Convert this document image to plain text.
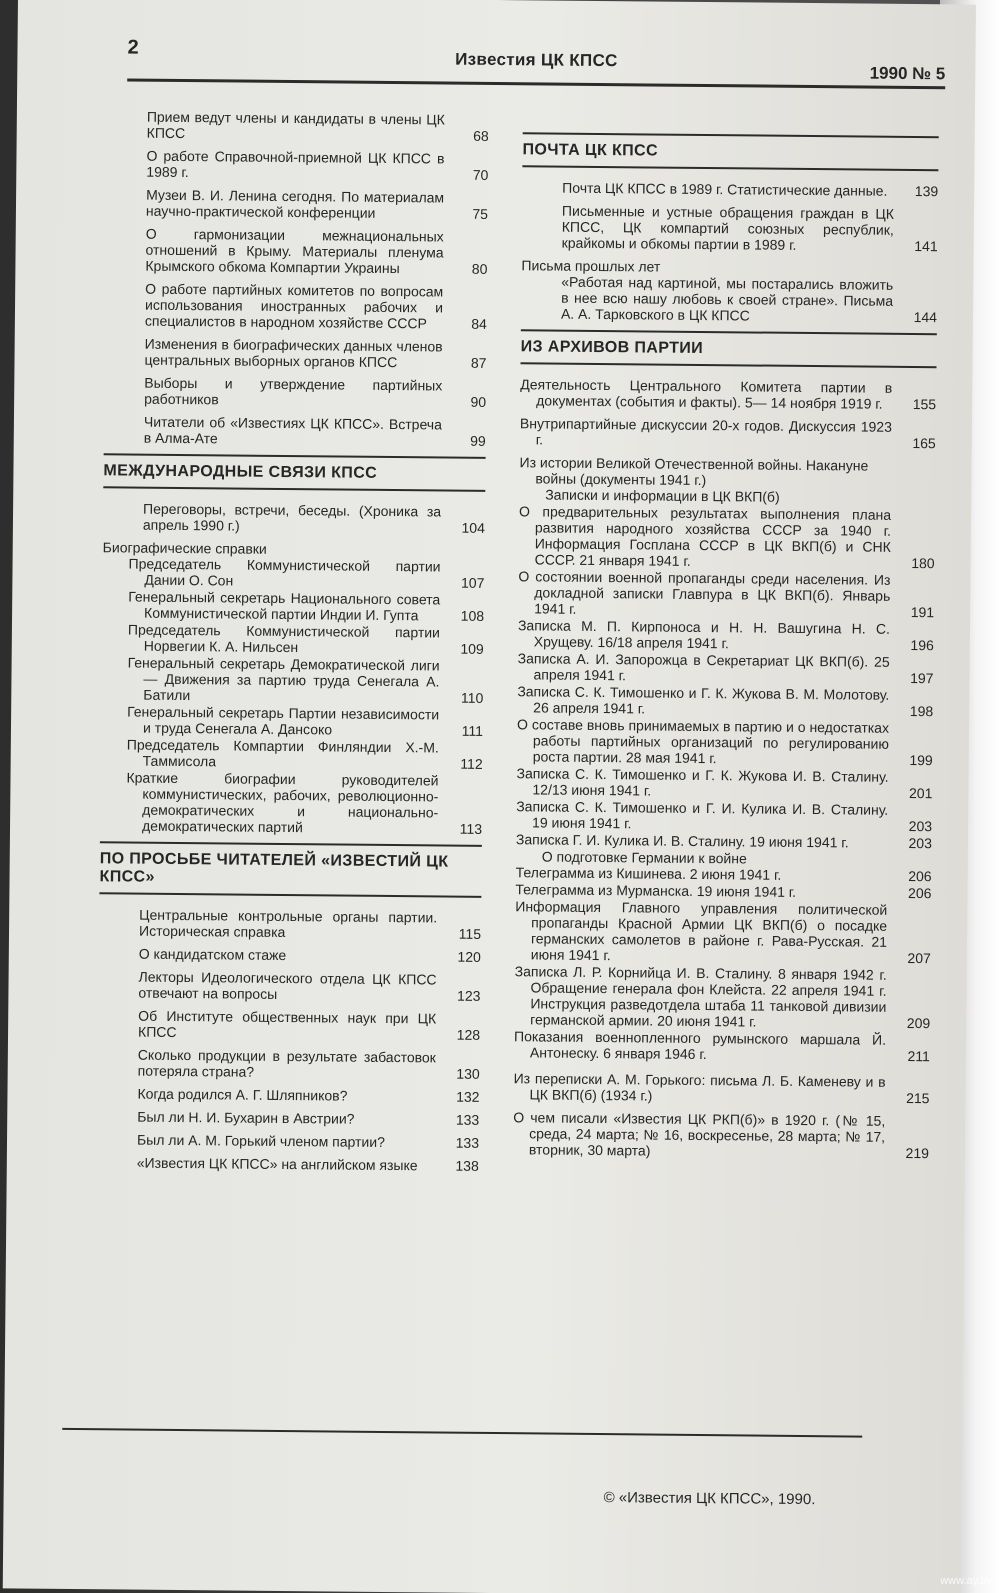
2
Известия ЦК КПСС
1990 № 5
Прием ведут члены и кандидаты в члены ЦК КПСС	68
О работе Справочной-приемной ЦК КПСС в 1989 г.	70
Музеи В. И. Ленина сегодня. По материалам научно-практической конференции	75
О гармонизации межнациональных отношений в Крыму. Материалы пленума Крымского обкома Компартии Украины	80
О работе партийных комитетов по вопросам использования иностранных рабочих и специалистов в народном хозяйстве СССР	84
Изменения в биографических данных членов центральных выборных органов КПСС	87
Выборы и утверждение партийных работников	90
Читатели об «Известиях ЦК КПСС». Встреча в Алма-Ате	99
МЕЖДУНАРОДНЫЕ СВЯЗИ КПСС
Переговоры, встречи, беседы. (Хроника за апрель 1990 г.)	104
Биографические справки
Председатель Коммунистической партии Дании О. Сон	107
Генеральный секретарь Национального совета Коммунистической партии Индии И. Гупта	108
Председатель Коммунистической партии Норвегии К. А. Нильсен	109
Генеральный секретарь Демократической лиги — Движения за партию труда Сенегала А. Батили	110
Генеральный секретарь Партии независимости и труда Сенегала А. Дансоко	111
Председатель Компартии Финляндии Х.-М. Таммисола	112
Краткие биографии руководителей коммунистических, рабочих, революционно-демократических и национально-демократических партий	113
ПО ПРОСЬБЕ ЧИТАТЕЛЕЙ «ИЗВЕСТИЙ ЦК КПСС»
Центральные контрольные органы партии. Историческая справка	115
О кандидатском стаже	120
Лекторы Идеологического отдела ЦК КПСС отвечают на вопросы	123
Об Институте общественных наук при ЦК КПСС	128
Сколько продукции в результате забастовок потеряла страна?	130
Когда родился А. Г. Шляпников?	132
Был ли Н. И. Бухарин в Австрии?	133
Был ли А. М. Горький членом партии?	133
«Известия ЦК КПСС» на английском языке	138
ПОЧТА ЦК КПСС
Почта ЦК КПСС в 1989 г. Статистические данные.	139
Письменные и устные обращения граждан в ЦК КПСС, ЦК компартий союзных республик, крайкомы и обкомы партии в 1989 г.	141
Письма прошлых лет
«Работая над картиной, мы постарались вложить в нее всю нашу любовь к своей стране». Письма А. А. Тарковского в ЦК КПСС	144
ИЗ АРХИВОВ ПАРТИИ
Деятельность Центрального Комитета партии в документах (события и факты). 5— 14 ноября 1919 г.	155
Внутрипартийные дискуссии 20-х годов. Дискуссия 1923 г.	165
Из истории Великой Отечественной войны. Накануне войны (документы 1941 г.)
Записки и информации в ЦК ВКП(б)
О предварительных результатах выполнения плана развития народного хозяйства СССР за 1940 г. Информация Госплана СССР в ЦК ВКП(б) и СНК СССР. 21 января 1941 г.	180
О состоянии военной пропаганды среди населения. Из докладной записки Главпура в ЦК ВКП(б). Январь 1941 г.	191
Записка М. П. Кирпоноса и Н. Н. Вашугина Н. С. Хрущеву. 16/18 апреля 1941 г.	196
Записка А. И. Запорожца в Секретариат ЦК ВКП(б). 25 апреля 1941 г.	197
Записка С. К. Тимошенко и Г. К. Жукова В. М. Молотову. 26 апреля 1941 г.	198
О составе вновь принимаемых в партию и о недостатках работы партийных организаций по регулированию роста партии. 28 мая 1941 г.	199
Записка С. К. Тимошенко и Г. К. Жукова И. В. Сталину. 12/13 июня 1941 г.	201
Записка С. К. Тимошенко и Г. И. Кулика И. В. Сталину. 19 июня 1941 г.	203
Записка Г. И. Кулика И. В. Сталину. 19 июня 1941 г.	203
О подготовке Германии к войне
Телеграмма из Кишинева. 2 июня 1941 г.	206
Телеграмма из Мурманска. 19 июня 1941 г.	206
Информация Главного управления политической пропаганды Красной Армии ЦК ВКП(б) о посадке германских самолетов в районе г. Рава-Русская. 21 июня 1941 г.	207
Записка Л. Р. Корнийца И. В. Сталину. 8 января 1942 г. Обращение генерала фон Клейста. 22 апреля 1941 г. Инструкция разведотдела штаба 11 танковой дивизии германской армии. 20 июня 1941 г.	209
Показания военнопленного румынского маршала Й. Антонеску. 6 января 1946 г.	211
Из переписки А. М. Горького: письма Л. Б. Каменеву и в ЦК ВКП(б) (1934 г.)	215
О чем писали «Известия ЦК РКП(б)» в 1920 г. (№ 15, среда, 24 марта; № 16, воскресенье, 28 марта; № 17, вторник, 30 марта)	219
© «Известия ЦК КПСС», 1990.
www.ay.by
